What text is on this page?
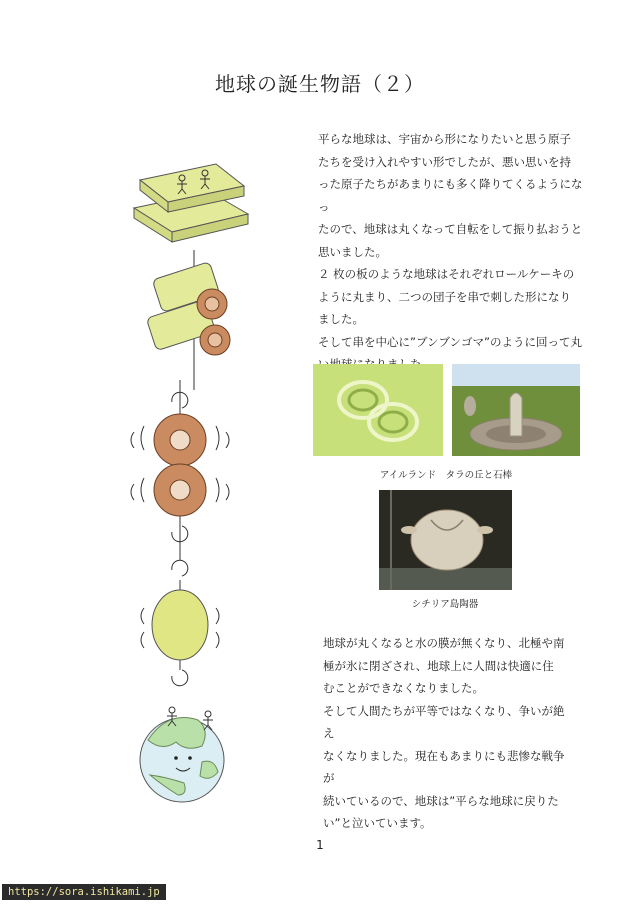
地球の誕生物語（２）

平らな地球は、宇宙から形になりたいと思う原子

たちを受け入れやすい形でしたが、悪い思いを持

った原子たちがあまりにも多く降りてくるようになっ

たので、地球は丸くなって自転をして振り払おうと

思いました。

２ 枚の板のような地球はそれぞれロールケーキの

ように丸まり、二つの団子を串で刺した形になり

ました。

そして串を中心に”ブンブンゴマ”のように回って丸

アイルランド　タラの丘と石棒
シチリア島陶器

地球が丸くなると水の膜が無くなり、北極や南

極が氷に閉ざされ、地球上に人間は快適に住

むことができなくなりました。

そして人間たちが平等ではなくなり、争いが絶え

なくなりました。現在もあまりにも悲惨な戦争が

続いているので、地球は”平らな地球に戻りた

い”と泣いています。

1
https://sora.ishikami.jp
